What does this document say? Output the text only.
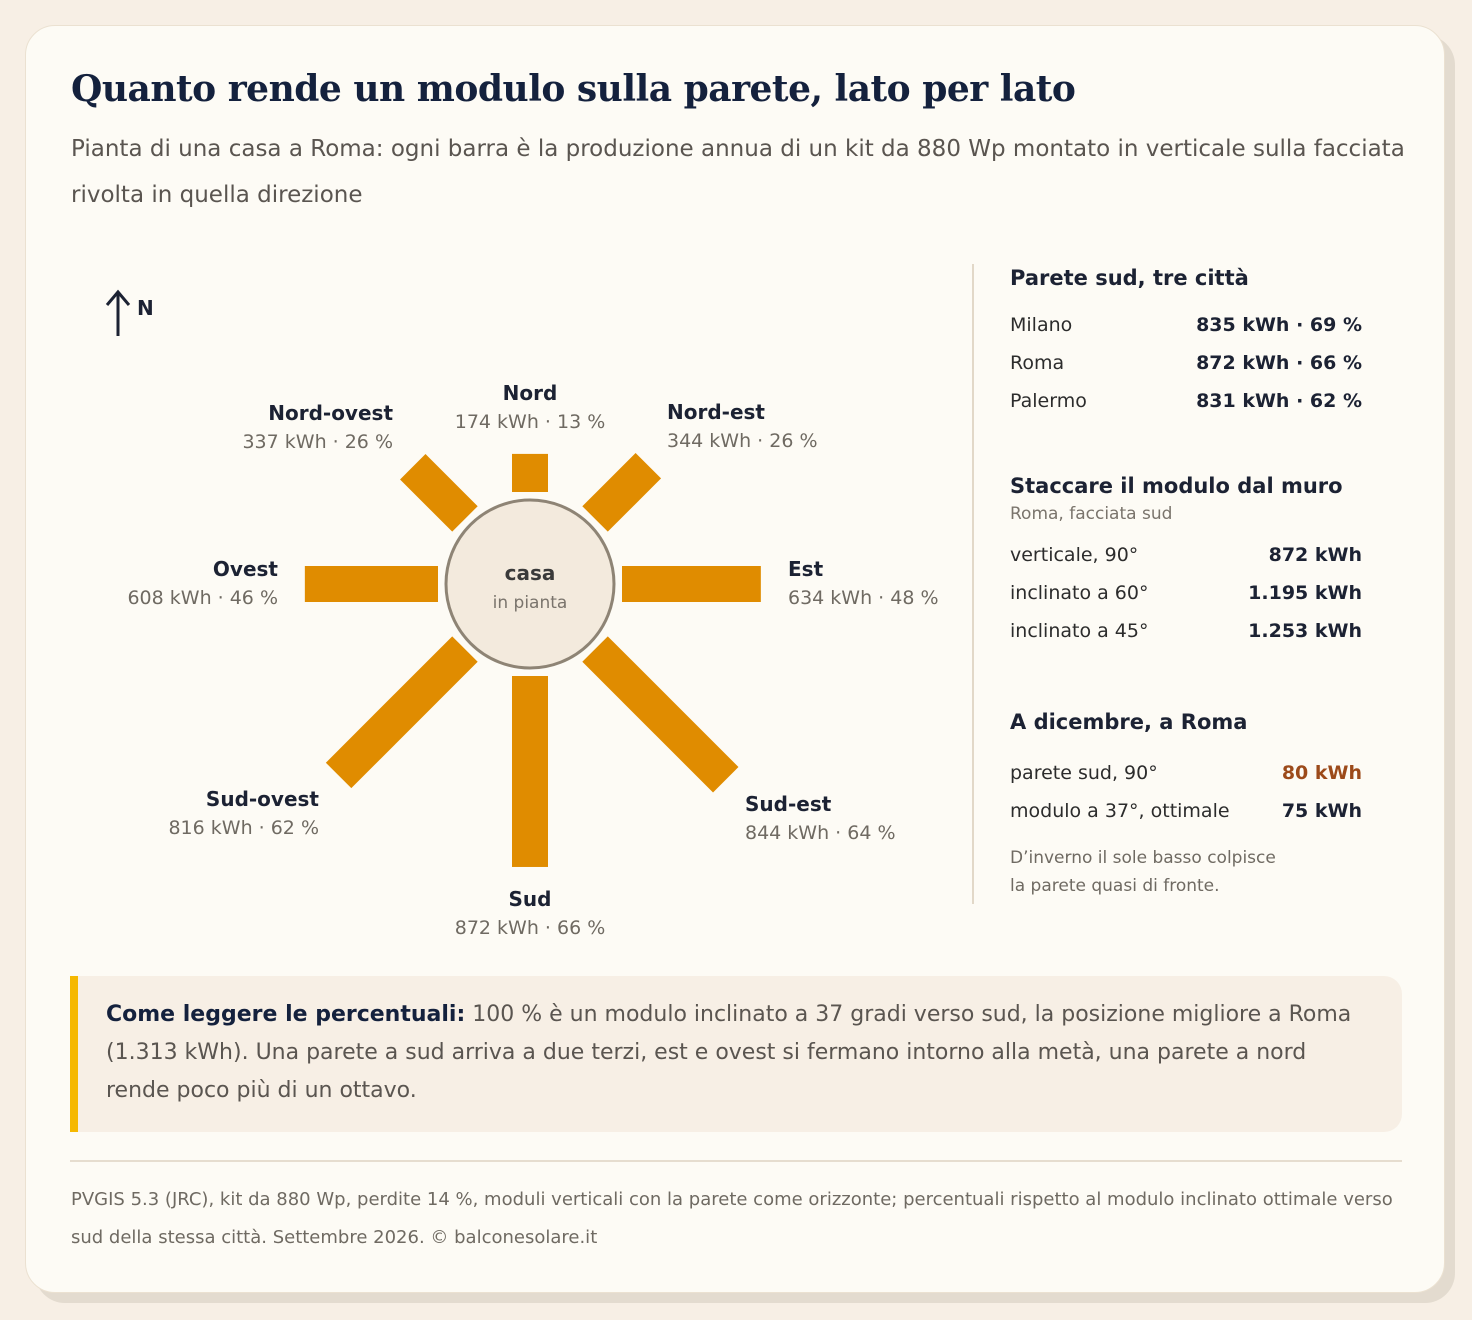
Quanto rende un modulo sulla parete, lato per lato

Pianta di una casa a Roma: ogni barra è la produzione annua di un kit da 880 Wp montato in verticale sulla facciata rivolta in quella direzione

N
casa
in pianta
Nord
174 kWh · 13 %	Nord-est
344 kWh · 26 %
Est
634 kWh · 48 %
Sud-est
844 kWh · 64 %
Sud
872 kWh · 66 %
Sud-ovest
816 kWh · 62 %
Ovest
608 kWh · 46 %
Nord-ovest
337 kWh · 26 %
Parete sud, tre città
Milano	835 kWh · 69 %
Roma	872 kWh · 66 %
Palermo	831 kWh · 62 %
Staccare il modulo dal muro
Roma, facciata sud
verticale, 90°	872 kWh
inclinato a 60°	1.195 kWh
inclinato a 45°	1.253 kWh
A dicembre, a Roma
parete sud, 90°	80 kWh
modulo a 37°, ottimale	75 kWh
D’inverno il sole basso colpisce
la parete quasi di fronte.
Come leggere le percentuali: 100 % è un modulo inclinato a 37 gradi verso sud, la posizione migliore a Roma (1.313 kWh). Una parete a sud arriva a due terzi, est e ovest si fermano intorno alla metà, una parete a nord rende poco più di un ottavo.

PVGIS 5.3 (JRC), kit da 880 Wp, perdite 14 %, moduli verticali con la parete come orizzonte; percentuali rispetto al modulo inclinato ottimale verso sud della stessa città. Settembre 2026. © balconesolare.it
